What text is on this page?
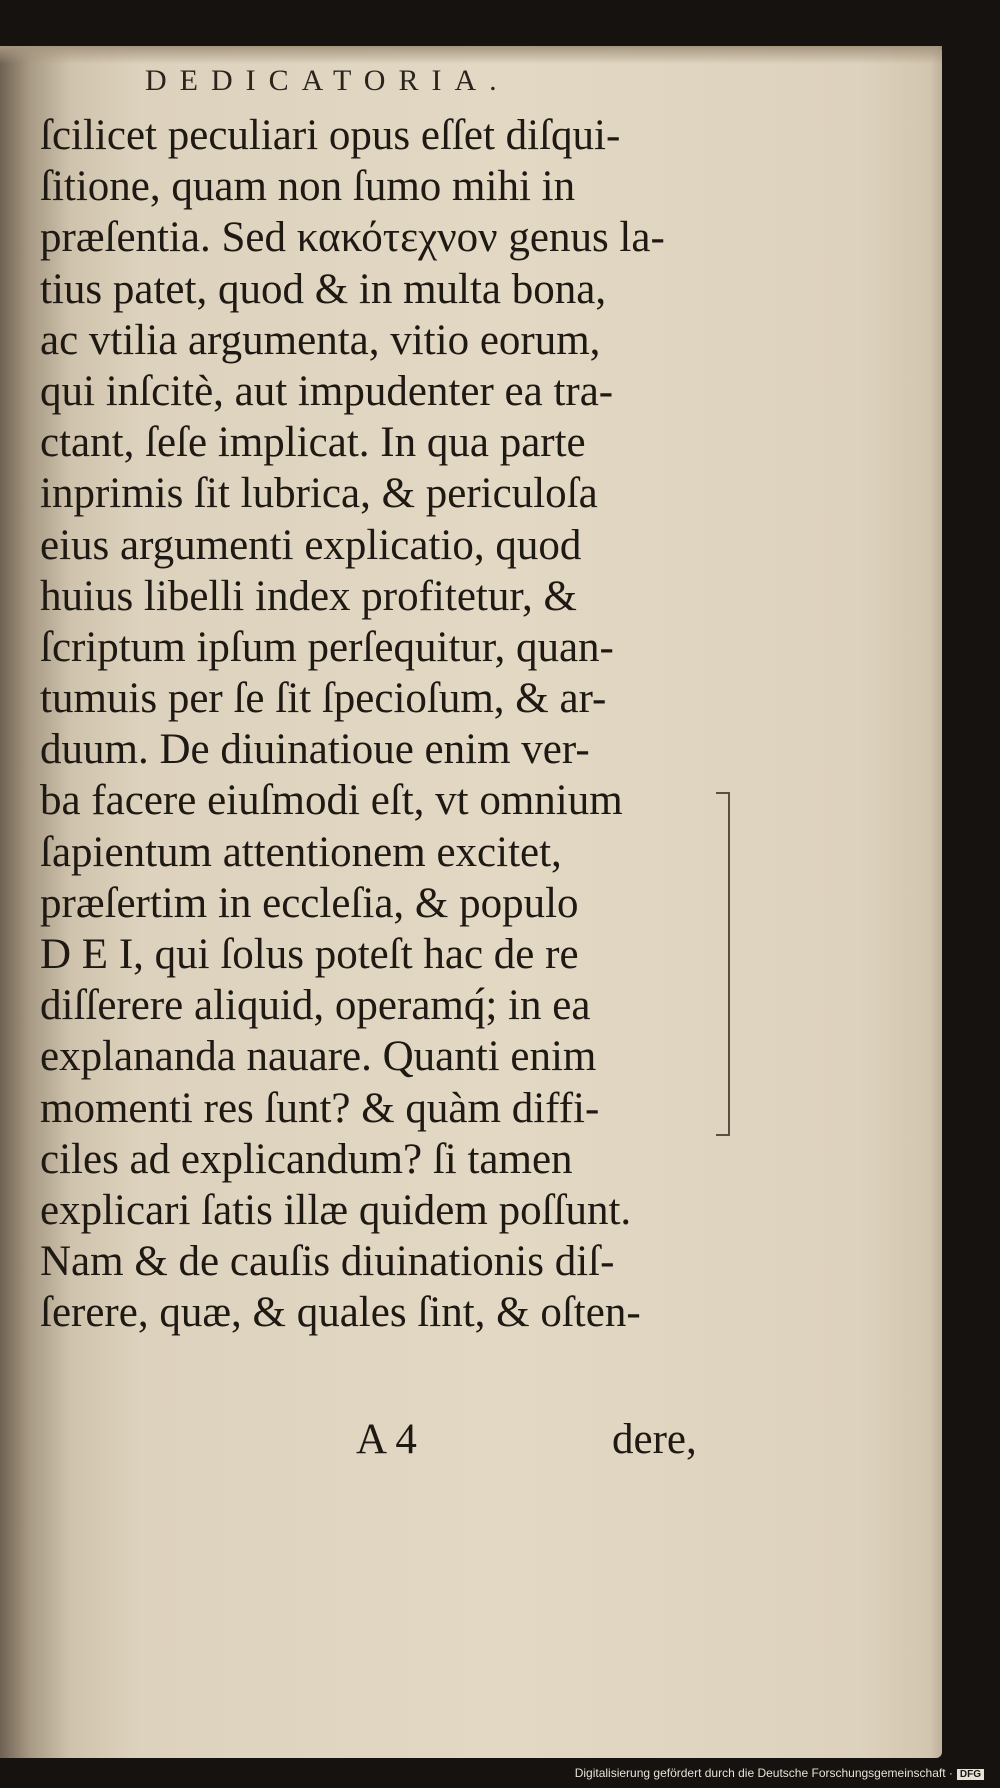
DEDICATORIA.
ſcilicet peculiari opus eſſet diſqui-
ſitione, quam non ſumo mihi in
præſentia. Sed κακότεχνον genus la-
tius patet, quod & in multa bona,
ac vtilia argumenta, vitio eorum,
qui inſcitè, aut impudenter ea tra-
ctant, ſeſe implicat. In qua parte
inprimis ſit lubrica, & periculoſa
eius argumenti explicatio, quod
huius libelli index profitetur, &
ſcriptum ipſum perſequitur, quan-
tumuis per ſe ſit ſpecioſum, & ar-
duum. De diuinatioue enim ver-
ba facere eiuſmodi eſt, vt omnium
ſapientum attentionem excitet,
præſertim in eccleſia, & populo
D E I, qui ſolus poteſt hac de re
diſſerere aliquid, operamq́; in ea
explananda nauare. Quanti enim
momenti res ſunt? & quàm diffi-
ciles ad explicandum? ſi tamen
explicari ſatis illæ quidem poſſunt.
Nam & de cauſis diuinationis diſ-
ſerere, quæ, & quales ſint, & oſten-
A 4	dere,
Digitalisierung gefördert durch die Deutsche Forschungsgemeinschaft · DFG
